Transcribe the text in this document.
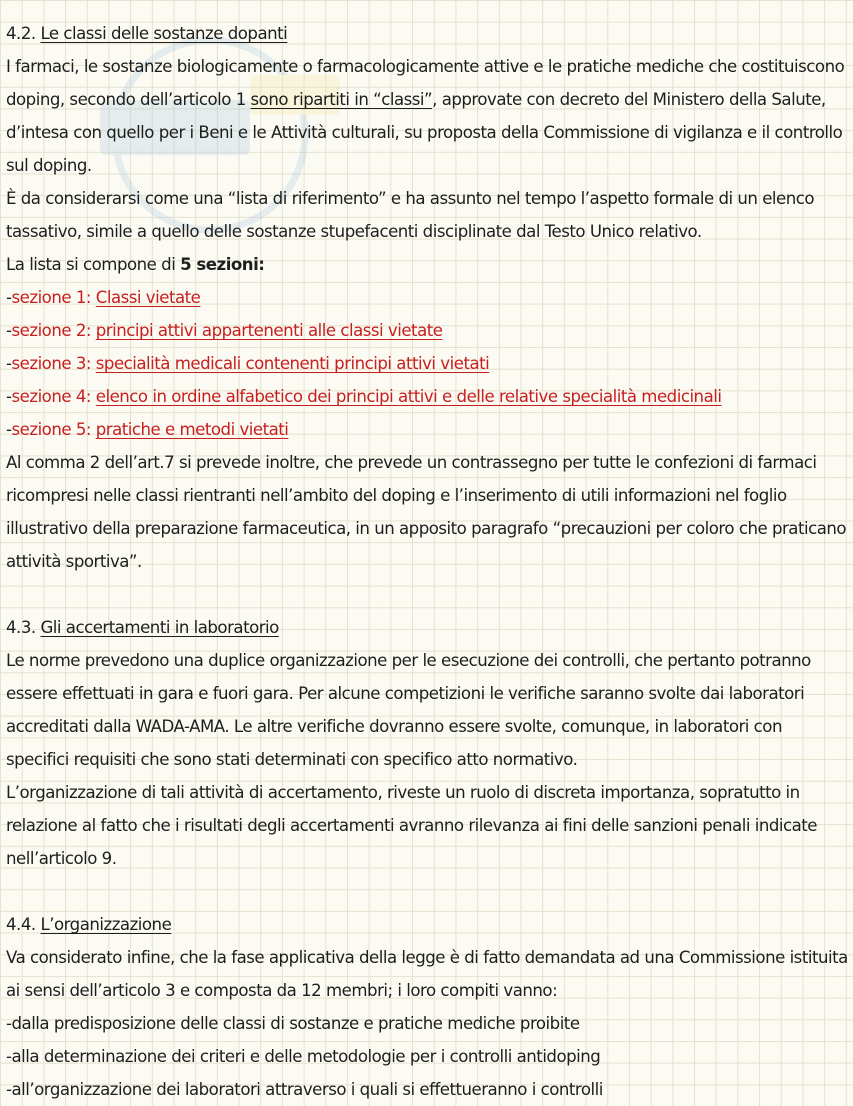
4.2. Le classi delle sostanze dopanti

I farmaci, le sostanze biologicamente o farmacologicamente attive e le pratiche mediche che costituiscono doping, secondo dell’articolo 1 sono ripartiti in “classi”, approvate con decreto del Ministero della Salute, d’intesa con quello per i Beni e le Attività culturali, su proposta della Commissione di vigilanza e il controllo sul doping.

È da considerarsi come una “lista di riferimento” e ha assunto nel tempo l’aspetto formale di un elenco tassativo, simile a quello delle sostanze stupefacenti disciplinate dal Testo Unico relativo.

La lista si compone di 5 sezioni:

-sezione 1: Classi vietate

-sezione 2: principi attivi appartenenti alle classi vietate

-sezione 3: specialità medicali contenenti principi attivi vietati

-sezione 4: elenco in ordine alfabetico dei principi attivi e delle relative specialità medicinali

-sezione 5: pratiche e metodi vietati

Al comma 2 dell’art.7 si prevede inoltre, che prevede un contrassegno per tutte le confezioni di farmaci ricompresi nelle classi rientranti nell’ambito del doping e l’inserimento di utili informazioni nel foglio illustrativo della preparazione farmaceutica, in un apposito paragrafo “precauzioni per coloro che praticano attività sportiva”.

4.3. Gli accertamenti in laboratorio

Le norme prevedono una duplice organizzazione per le esecuzione dei controlli, che pertanto potranno essere effettuati in gara e fuori gara. Per alcune competizioni le verifiche saranno svolte dai laboratori accreditati dalla WADA-AMA. Le altre verifiche dovranno essere svolte, comunque, in laboratori con specifici requisiti che sono stati determinati con specifico atto normativo.

L’organizzazione di tali attività di accertamento, riveste un ruolo di discreta importanza, sopratutto in relazione al fatto che i risultati degli accertamenti avranno rilevanza ai fini delle sanzioni penali indicate nell’articolo 9.

4.4. L’organizzazione

Va considerato infine, che la fase applicativa della legge è di fatto demandata ad una Commissione istituita ai sensi dell’articolo 3 e composta da 12 membri; i loro compiti vanno:

-dalla predisposizione delle classi di sostanze e pratiche mediche proibite

-alla determinazione dei criteri e delle metodologie per i controlli antidoping

-all’organizzazione dei laboratori attraverso i quali si effettueranno i controlli
